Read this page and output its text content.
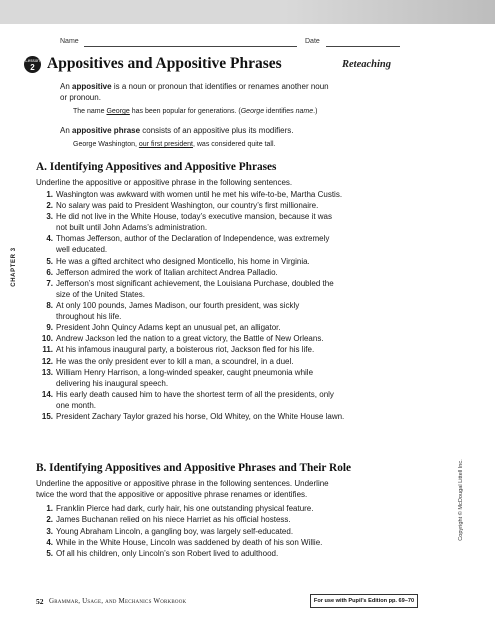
Name	Date
Lesson
2 Appositives and Appositive Phrases	Reteaching
An appositive is a noun or pronoun that identifies or renames another noun
or pronoun.
The name George has been popular for generations. (George identifies name.)
An appositive phrase consists of an appositive plus its modifiers.
George Washington, our first president, was considered quite tall.
A. Identifying Appositives and Appositive Phrases
Underline the appositive or appositive phrase in the following sentences.
1. Washington was awkward with women until he met his wife-to-be, Martha Custis.
2. No salary was paid to President Washington, our country’s first millionaire.
3. He did not live in the White House, today’s executive mansion, because it was
not built until John Adams’s administration.
4. Thomas Jefferson, author of the Declaration of Independence, was extremely
well educated.
5. He was a gifted architect who designed Monticello, his home in Virginia.
6. Jefferson admired the work of Italian architect Andrea Palladio.
7. Jefferson’s most significant achievement, the Louisiana Purchase, doubled the
size of the United States.
8. At only 100 pounds, James Madison, our fourth president, was sickly
throughout his life.
9. President John Quincy Adams kept an unusual pet, an alligator.
10. Andrew Jackson led the nation to a great victory, the Battle of New Orleans.
11. At his infamous inaugural party, a boisterous riot, Jackson fled for his life.
12. He was the only president ever to kill a man, a scoundrel, in a duel.
13. William Henry Harrison, a long-winded speaker, caught pneumonia while
delivering his inaugural speech.
14. His early death caused him to have the shortest term of all the presidents, only
one month.
15. President Zachary Taylor grazed his horse, Old Whitey, on the White House lawn.
B. Identifying Appositives and Appositive Phrases and Their Role
Underline the appositive or appositive phrase in the following sentences. Underline
twice the word that the appositive or appositive phrase renames or identifies.
1. Franklin Pierce had dark, curly hair, his one outstanding physical feature.
2. James Buchanan relied on his niece Harriet as his official hostess.
3. Young Abraham Lincoln, a gangling boy, was largely self-educated.
4. While in the White House, Lincoln was saddened by death of his son Willie.
5. Of all his children, only Lincoln’s son Robert lived to adulthood.
CHAPTER 3
Copyright © McDougal Littell Inc.
52 Grammar, Usage, and Mechanics Workbook	For use with Pupil’s Edition pp. 69–70
